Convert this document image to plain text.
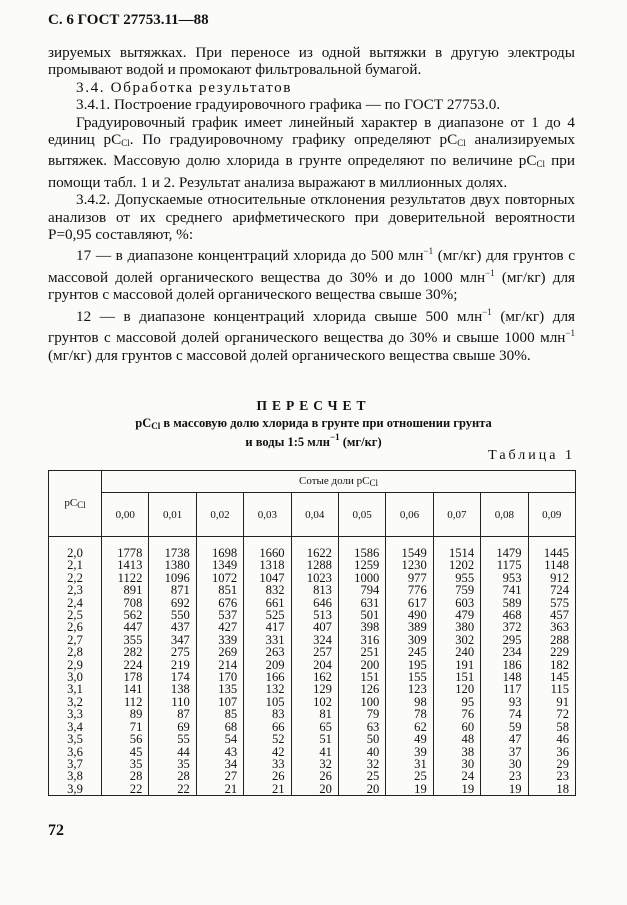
С. 6 ГОСТ 27753.11—88

зируемых вытяжках. При переносе из одной вытяжки в другую электроды промывают водой и промокают фильтровальной бумагой.

3.4. Обработка результатов

3.4.1. Построение градуировочного графика — по ГОСТ 27753.0.

Градуировочный график имеет линейный характер в диапазоне от 1 до 4 единиц $pC_{Cl}$. По градуировочному графику определяют $pC_{Cl}$ анализируемых вытяжек. Массовую долю хлорида в грунте определяют по величине $pC_{Cl}$ при помощи табл. 1 и 2. Результат анализа выражают в миллионных долях.

3.4.2. Допускаемые относительные отклонения результатов двух повторных анализов от их среднего арифметического при доверительной вероятности P=0,95 составляют, %:

17 — в диапазоне концентраций хлорида до 500 млн$^{-1}$ (мг/кг) для грунтов с массовой долей органического вещества до 30% и до 1000 млн$^{-1}$ (мг/кг) для грунтов с массовой долей органического вещества свыше 30%;

12 — в диапазоне концентраций хлорида свыше 500 млн$^{-1}$ (мг/кг) для грунтов с массовой долей органического вещества до 30% и свыше 1000 млн$^{-1}$ (мг/кг) для грунтов с массовой долей органического вещества свыше 30%.

ПЕРЕСЧЕТ
$pC_{Cl}$ в массовую долю хлорида в грунте при отношении грунта
и воды 1:5 млн$^{-1}$ (мг/кг)
Таблица 1
$pC_{Cl}$	Сотые доли $pC_{Cl}$
	0,00	0,01	0,02	0,03	0,04	0,05	0,06	0,07	0,08	0,09
2,0	1778	1738	1698	1660	1622	1586	1549	1514	1479	1445
2,1	1413	1380	1349	1318	1288	1259	1230	1202	1175	1148
2,2	1122	1096	1072	1047	1023	1000	977	955	953	912
2,3	891	871	851	832	813	794	776	759	741	724
2,4	708	692	676	661	646	631	617	603	589	575
2,5	562	550	537	525	513	501	490	479	468	457
2,6	447	437	427	417	407	398	389	380	372	363
2,7	355	347	339	331	324	316	309	302	295	288
2,8	282	275	269	263	257	251	245	240	234	229
2,9	224	219	214	209	204	200	195	191	186	182
3,0	178	174	170	166	162	151	155	151	148	145
3,1	141	138	135	132	129	126	123	120	117	115
3,2	112	110	107	105	102	100	98	95	93	91
3,3	89	87	85	83	81	79	78	76	74	72
3,4	71	69	68	66	65	63	62	60	59	58
3,5	56	55	54	52	51	50	49	48	47	46
3,6	45	44	43	42	41	40	39	38	37	36
3,7	35	35	34	33	32	32	31	30	30	29
3,8	28	28	27	26	26	25	25	24	23	23
3,9	22	22	21	21	20	20	19	19	19	18
72
